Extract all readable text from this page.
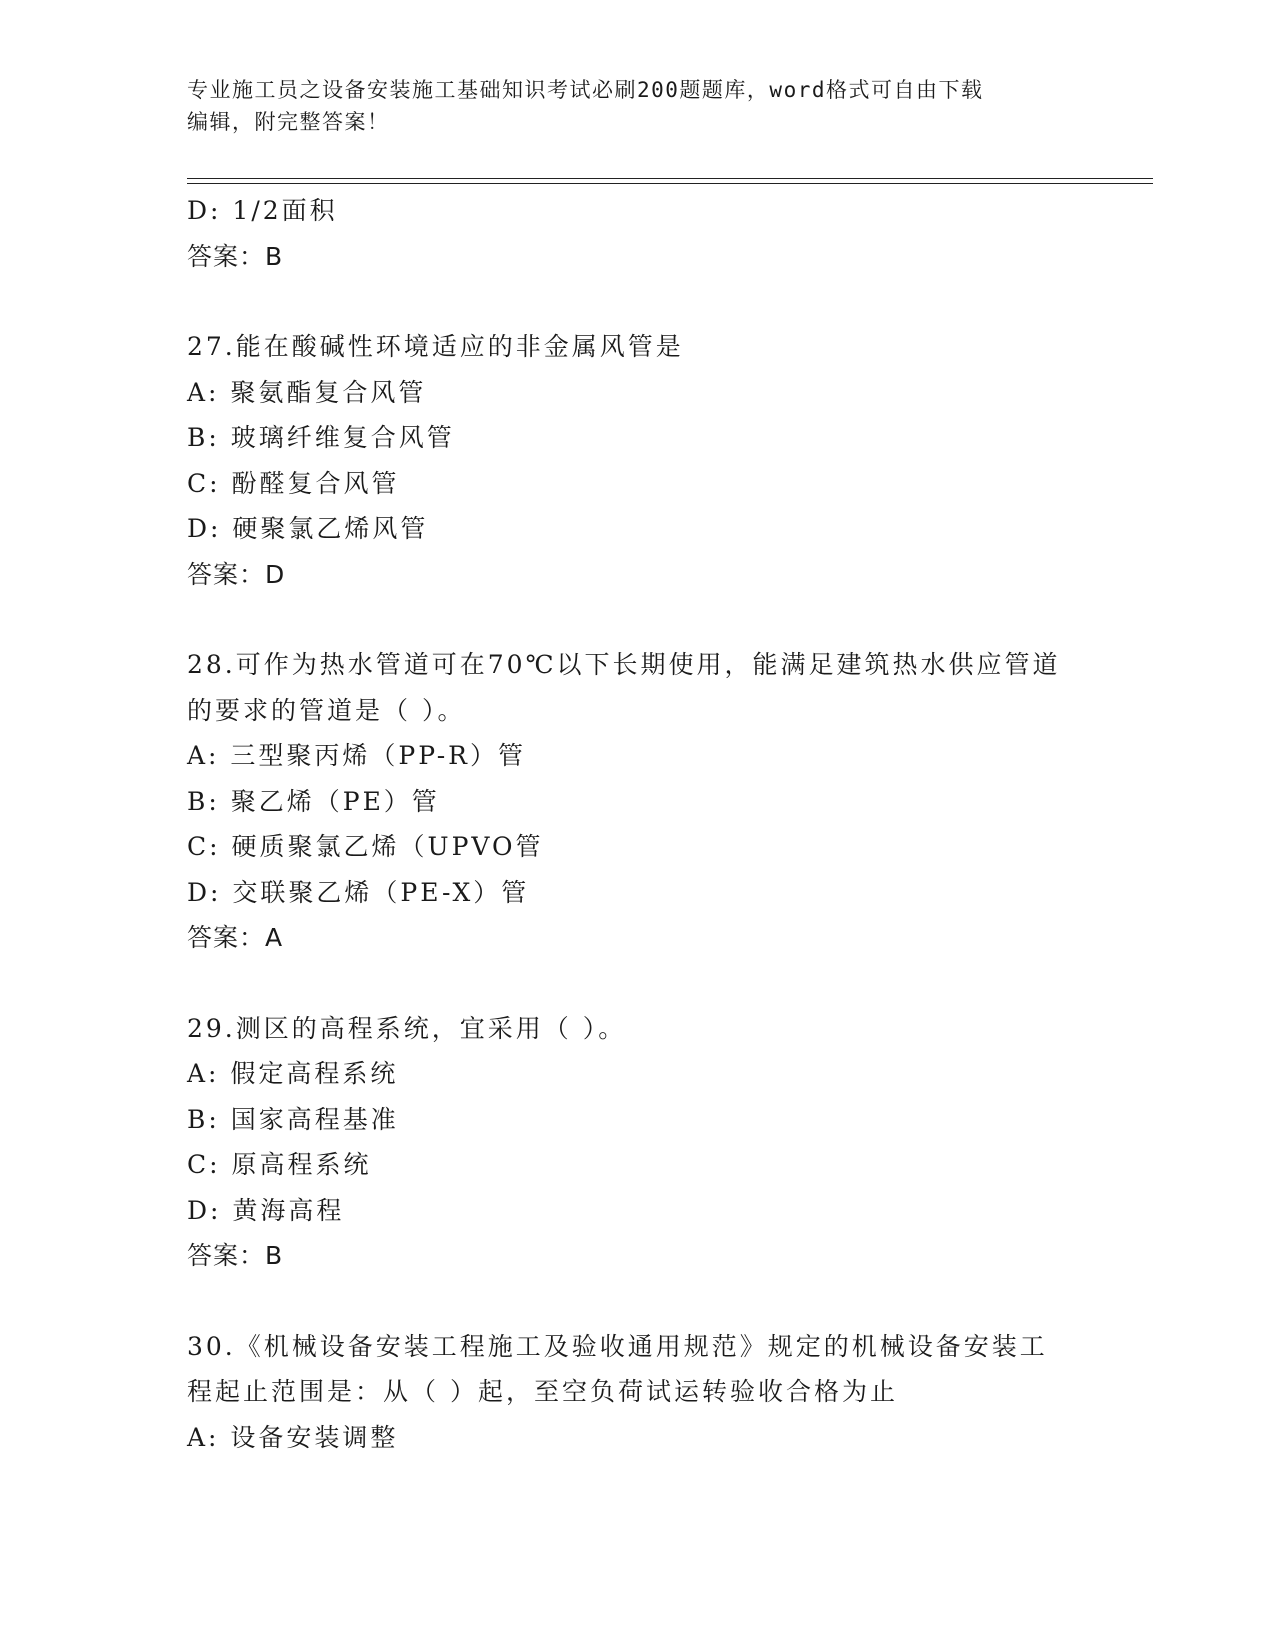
专业施工员之设备安装施工基础知识考试必刷200题题库，word格式可自由下载
编辑，附完整答案！
D: 1/2面积
答案：B
27.能在酸碱性环境适应的非金属风管是
A: 聚氨酯复合风管
B: 玻璃纤维复合风管
C: 酚醛复合风管
D: 硬聚氯乙烯风管
答案：D
28.可作为热水管道可在70℃以下长期使用，能满足建筑热水供应管道
的要求的管道是（ ）。
A: 三型聚丙烯（PP-R）管
B: 聚乙烯（PE）管
C: 硬质聚氯乙烯（UPVO管
D: 交联聚乙烯（PE-X）管
答案：A
29.测区的高程系统，宜采用（ ）。
A: 假定高程系统
B: 国家高程基准
C: 原高程系统
D: 黄海高程
答案：B
30.《机械设备安装工程施工及验收通用规范》规定的机械设备安装工
程起止范围是：从（ ）起，至空负荷试运转验收合格为止
A: 设备安装调整
